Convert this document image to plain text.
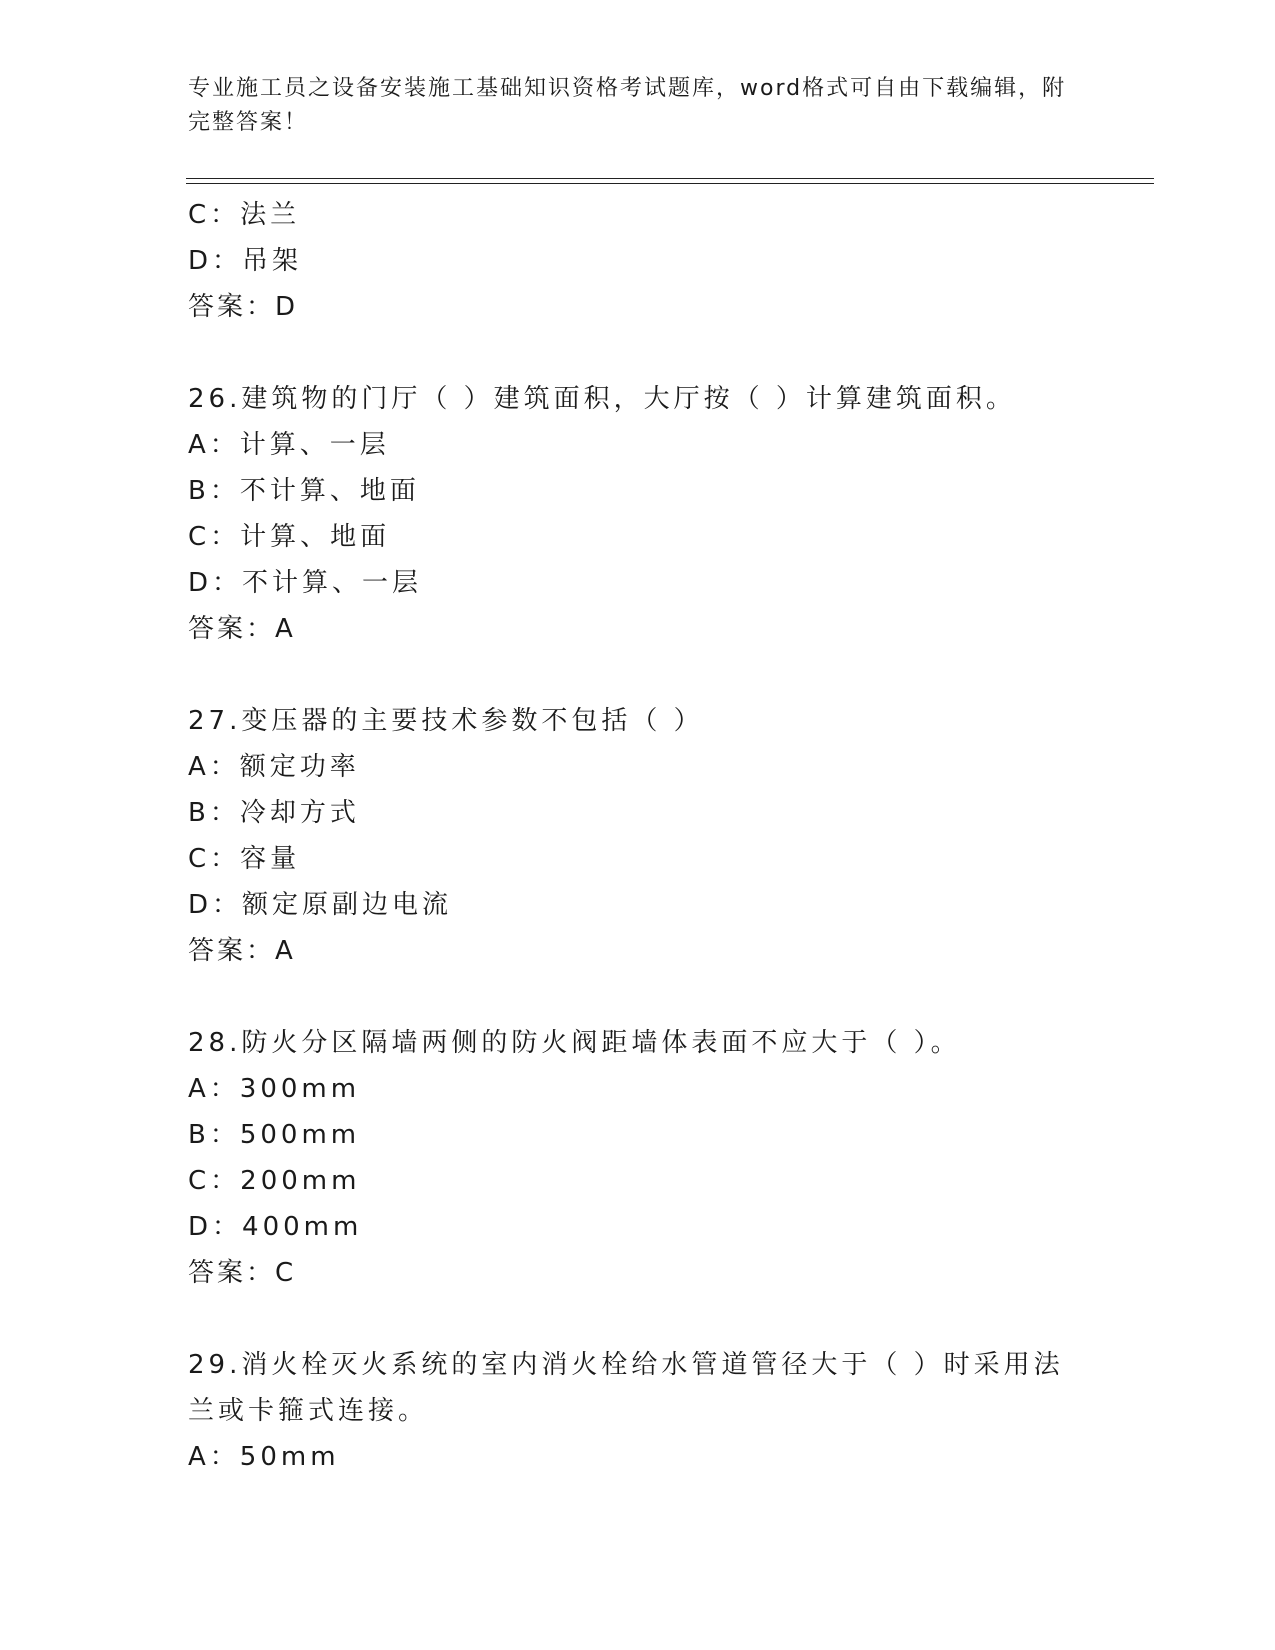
专业施工员之设备安装施工基础知识资格考试题库，word格式可自由下载编辑，附完整答案！
C：法兰
D：吊架
答案：D
26.建筑物的门厅（ ）建筑面积，大厅按（ ）计算建筑面积。
A：计算、一层
B：不计算、地面
C：计算、地面
D：不计算、一层
答案：A
27.变压器的主要技术参数不包括（ ）
A：额定功率
B：冷却方式
C：容量
D：额定原副边电流
答案：A
28.防火分区隔墙两侧的防火阀距墙体表面不应大于（ ）。
A：300mm
B：500mm
C：200mm
D：400mm
答案：C
29.消火栓灭火系统的室内消火栓给水管道管径大于（ ）时采用法兰或卡箍式连接。
A：50mm
